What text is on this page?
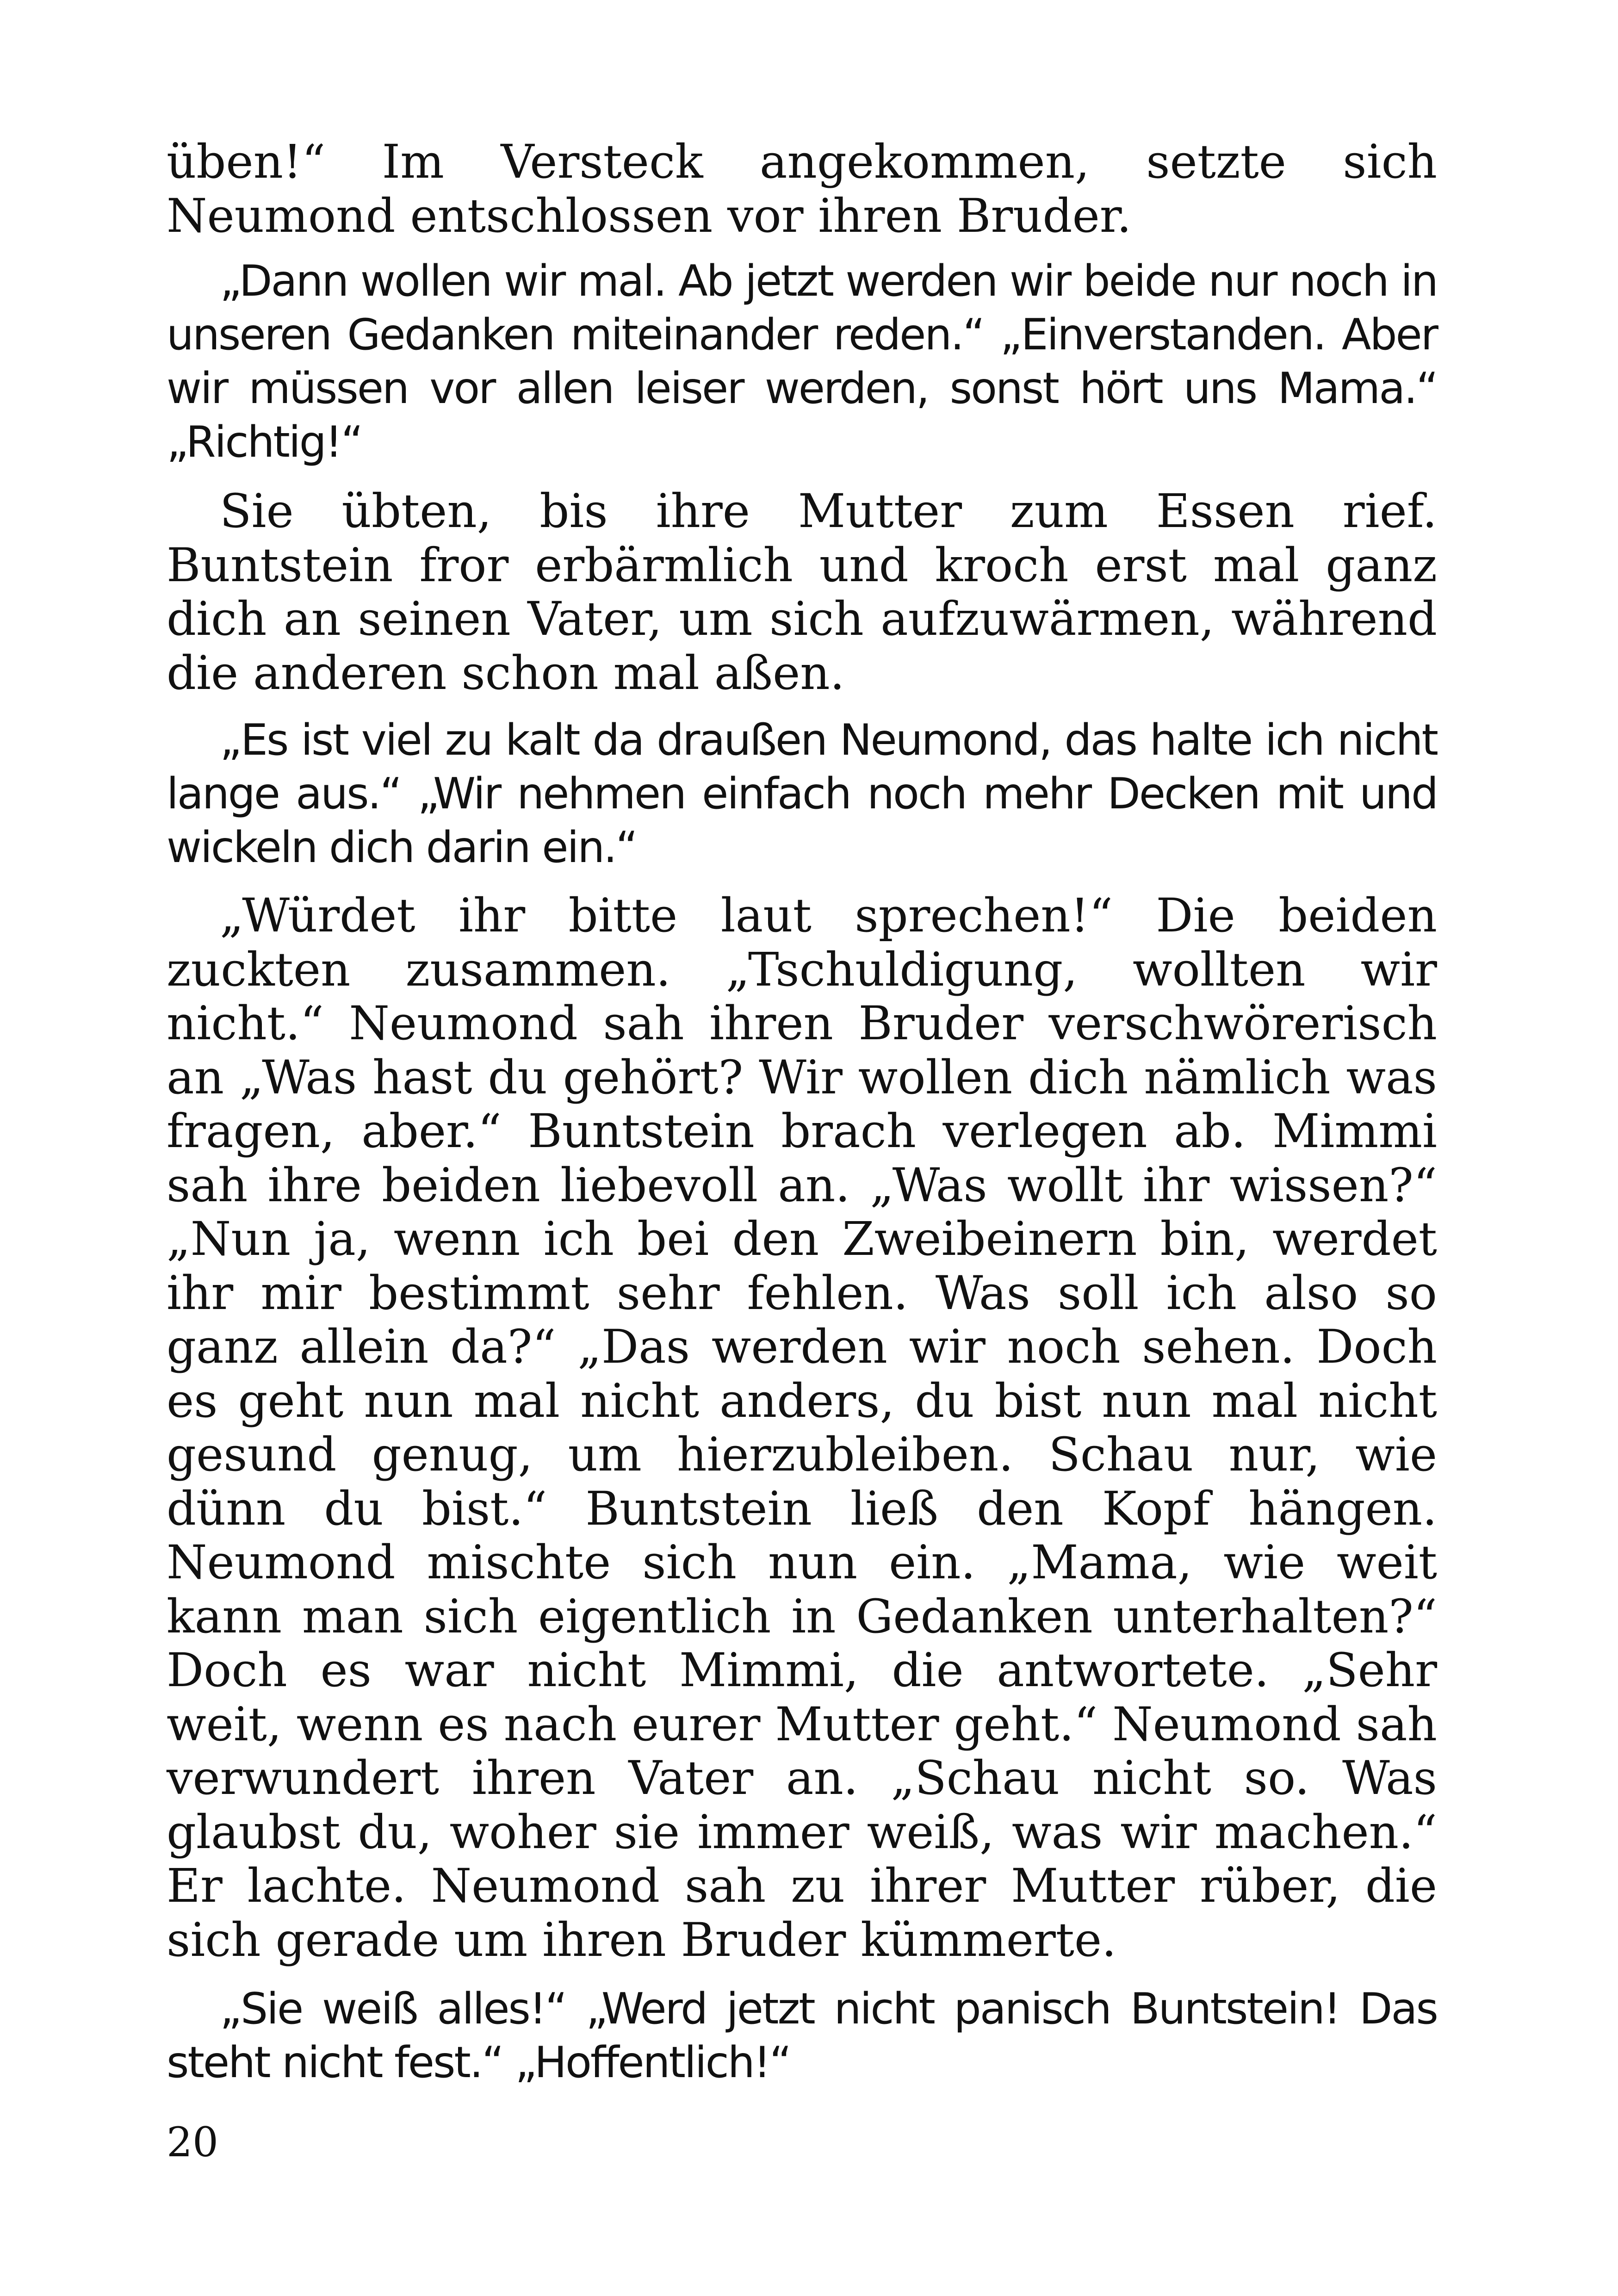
üben!“ Im Versteck angekommen, setzte sich Neumond entschlossen vor ihren Bruder.

„Dann wollen wir mal. Ab jetzt werden wir beide nur noch in unseren Gedanken miteinander reden.“ „Einverstanden. Aber wir müssen vor allen leiser werden, sonst hört uns Mama.“ „Richtig!“

Sie übten, bis ihre Mutter zum Essen rief. Buntstein fror erbärmlich und kroch erst mal ganz dich an seinen Vater, um sich aufzuwärmen, während die anderen schon mal aßen.

„Es ist viel zu kalt da draußen Neumond, das halte ich nicht lange aus.“ „Wir nehmen einfach noch mehr Decken mit und wickeln dich darin ein.“

„Würdet ihr bitte laut sprechen!“ Die beiden zuckten zusammen. „Tschuldigung, wollten wir nicht.“ Neumond sah ihren Bruder verschwörerisch an „Was hast du gehört? Wir wollen dich nämlich was fragen, aber.“ Buntstein brach verlegen ab. Mimmi sah ihre beiden liebevoll an. „Was wollt ihr wissen?“ „Nun ja, wenn ich bei den Zweibeinern bin, werdet ihr mir bestimmt sehr fehlen. Was soll ich also so ganz allein da?“ „Das werden wir noch sehen. Doch es geht nun mal nicht anders, du bist nun mal nicht gesund genug, um hierzubleiben. Schau nur, wie dünn du bist.“ Buntstein ließ den Kopf hängen. Neumond mischte sich nun ein. „Mama, wie weit kann man sich eigentlich in Gedanken unterhalten?“ Doch es war nicht Mimmi, die antwortete. „Sehr weit, wenn es nach eurer Mutter geht.“ Neumond sah verwundert ihren Vater an. „Schau nicht so. Was glaubst du, woher sie immer weiß, was wir machen.“ Er lachte. Neumond sah zu ihrer Mutter rüber, die sich gerade um ihren Bruder kümmerte.

„Sie weiß alles!“ „Werd jetzt nicht panisch Buntstein! Das steht nicht fest.“ „Hoffentlich!“

20
